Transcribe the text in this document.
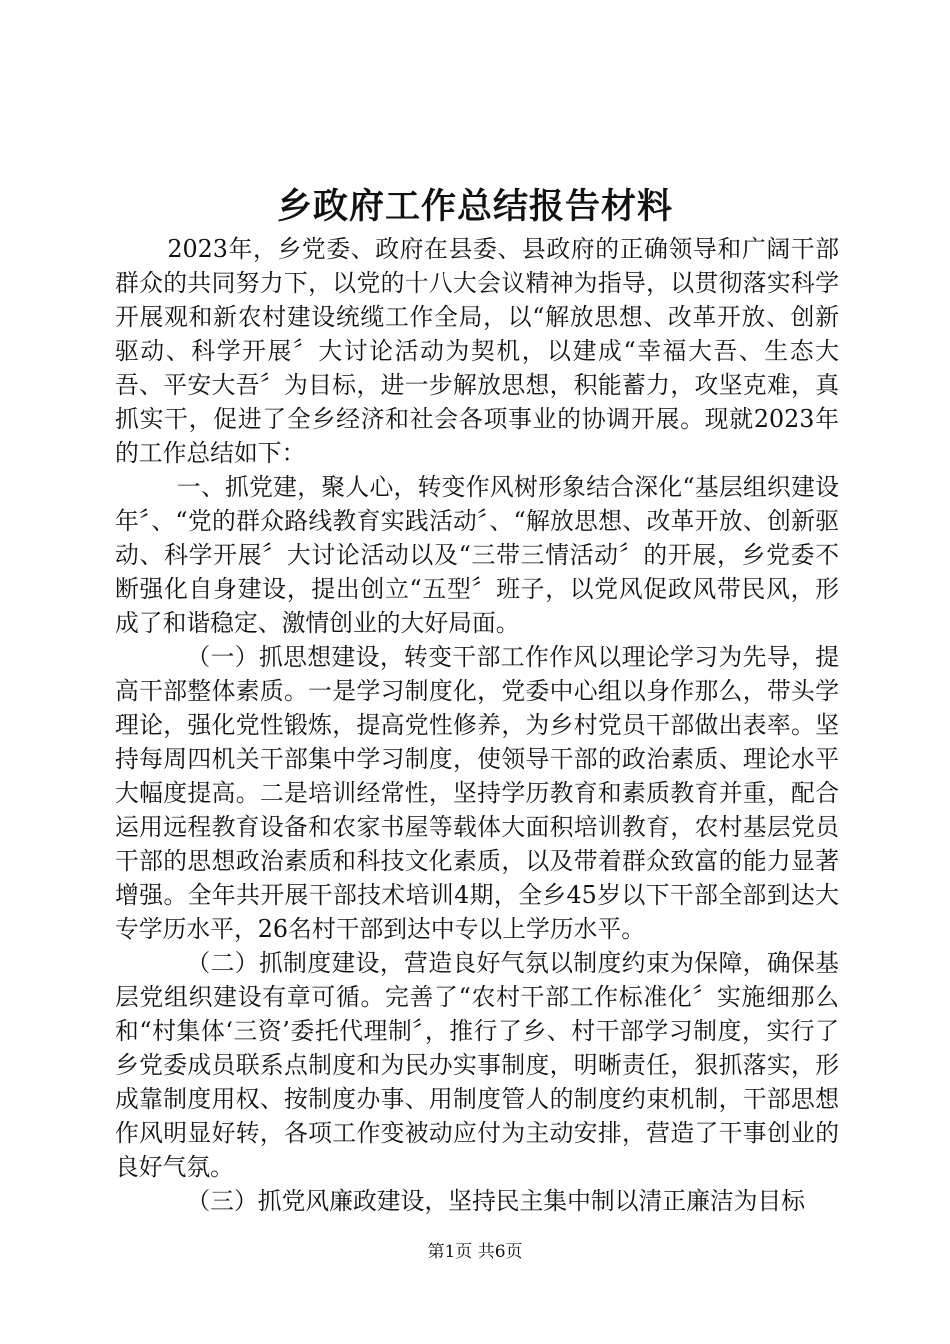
乡政府工作总结报告材料

2023年，乡党委、政府在县委、县政府的正确领导和广阔干部群众的共同努力下，以党的十八大会议精神为指导，以贯彻落实科学开展观和新农村建设统缆工作全局，以“解放思想、改革开放、创新驱动、科学开展〞大讨论活动为契机，以建成“幸福大吾、生态大吾、平安大吾〞为目标，进一步解放思想，积能蓄力，攻坚克难，真抓实干，促进了全乡经济和社会各项事业的协调开展。现就2023年的工作总结如下：

一、抓党建，聚人心，转变作风树形象结合深化“基层组织建设年〞、“党的群众路线教育实践活动〞、“解放思想、改革开放、创新驱动、科学开展〞大讨论活动以及“三带三情活动〞的开展，乡党委不断强化自身建设，提出创立“五型〞班子，以党风促政风带民风，形成了和谐稳定、激情创业的大好局面。

（一）抓思想建设，转变干部工作作风以理论学习为先导，提高干部整体素质。一是学习制度化，党委中心组以身作那么，带头学理论，强化党性锻炼，提高党性修养，为乡村党员干部做出表率。坚持每周四机关干部集中学习制度，使领导干部的政治素质、理论水平大幅度提高。二是培训经常性，坚持学历教育和素质教育并重，配合运用远程教育设备和农家书屋等载体大面积培训教育，农村基层党员干部的思想政治素质和科技文化素质，以及带着群众致富的能力显著增强。全年共开展干部技术培训4期，全乡45岁以下干部全部到达大专学历水平，26名村干部到达中专以上学历水平。

（二）抓制度建设，营造良好气氛以制度约束为保障，确保基层党组织建设有章可循。完善了“农村干部工作标准化〞实施细那么和“村集体‘三资’委托代理制〞，推行了乡、村干部学习制度，实行了乡党委成员联系点制度和为民办实事制度，明晰责任，狠抓落实，形成靠制度用权、按制度办事、用制度管人的制度约束机制，干部思想作风明显好转，各项工作变被动应付为主动安排，营造了干事创业的良好气氛。

（三）抓党风廉政建设，坚持民主集中制以清正廉洁为目标

第1页 共6页
